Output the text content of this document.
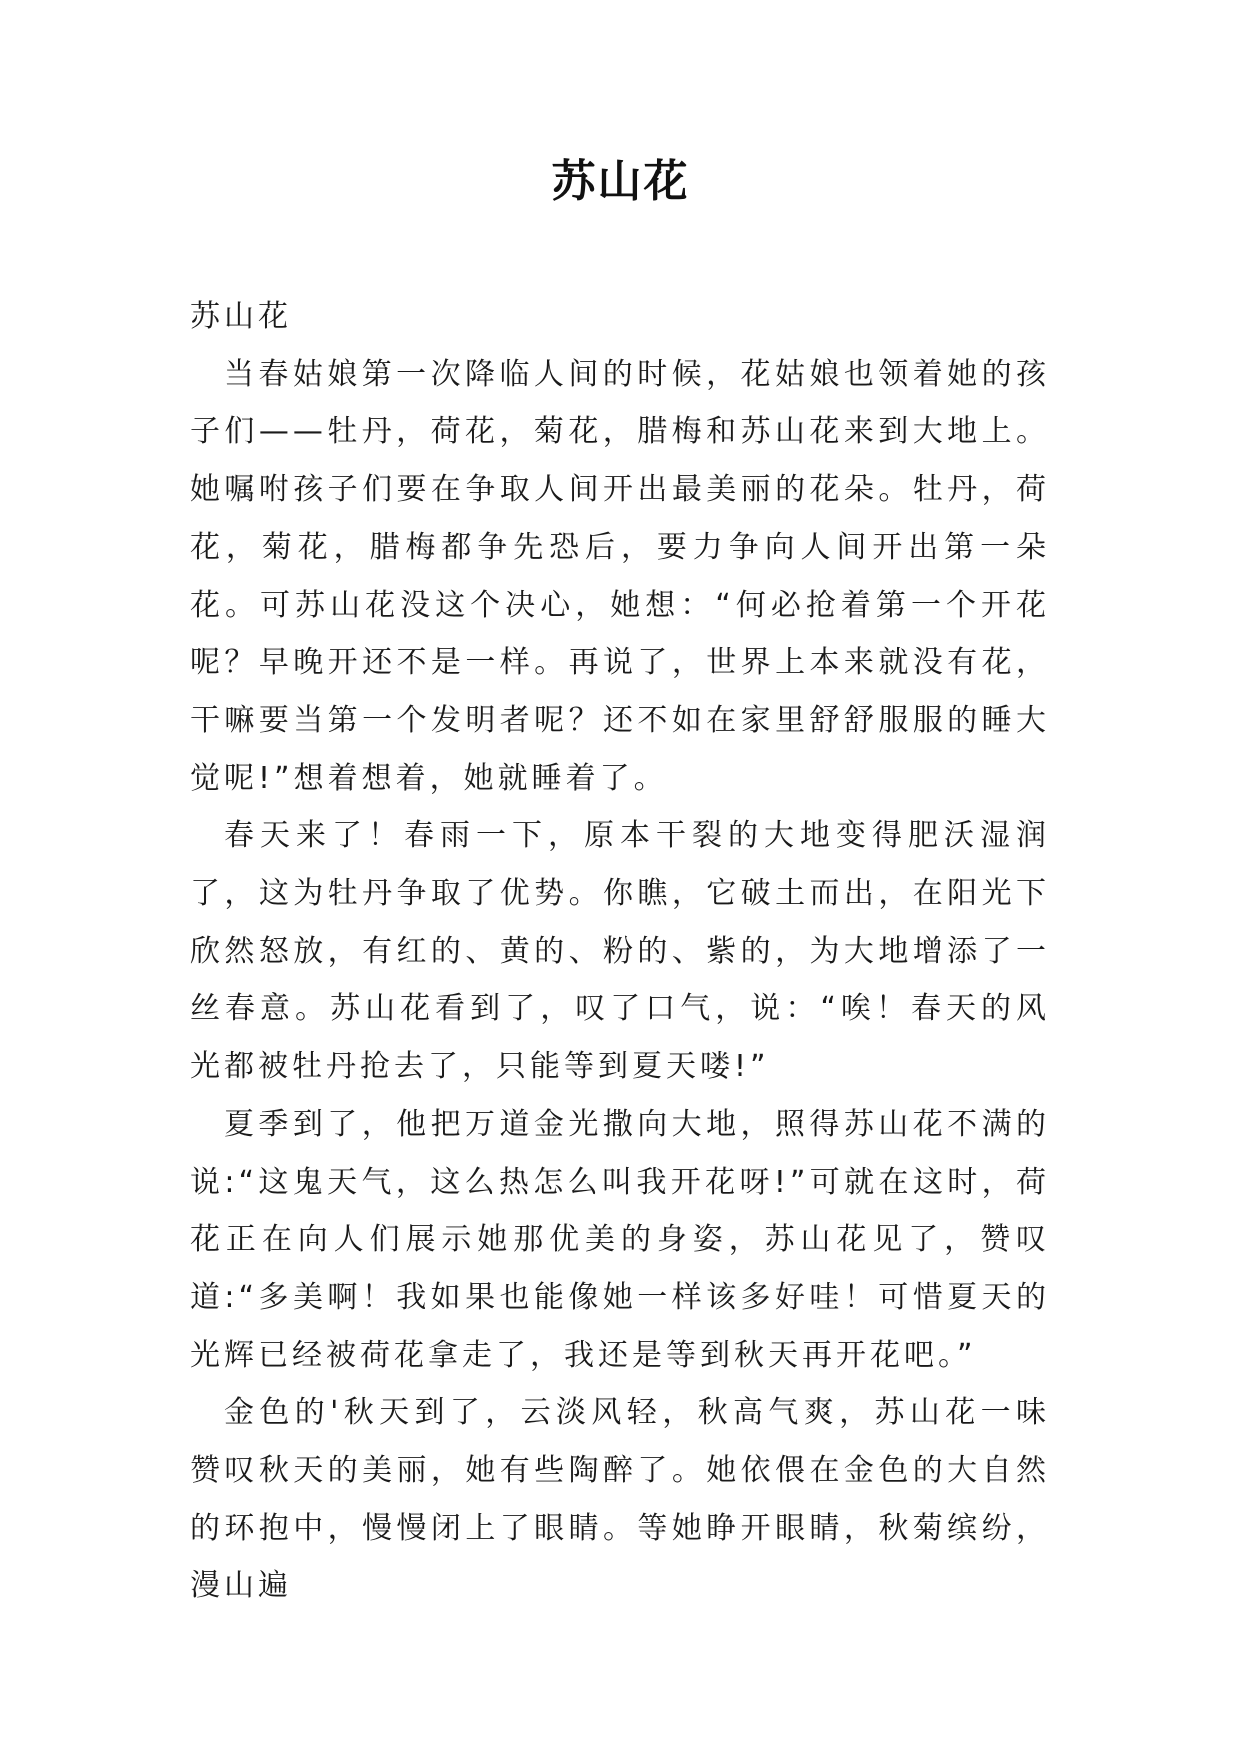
苏山花

苏山花

当春姑娘第一次降临人间的时候，花姑娘也领着她的孩子们——牡丹，荷花，菊花，腊梅和苏山花来到大地上。她嘱咐孩子们要在争取人间开出最美丽的花朵。牡丹，荷花，菊花，腊梅都争先恐后，要力争向人间开出第一朵花。可苏山花没这个决心，她想：“何必抢着第一个开花呢？早晚开还不是一样。再说了，世界上本来就没有花，干嘛要当第一个发明者呢？还不如在家里舒舒服服的睡大觉呢!”想着想着，她就睡着了。

春天来了！春雨一下，原本干裂的大地变得肥沃湿润了，这为牡丹争取了优势。你瞧，它破土而出，在阳光下欣然怒放，有红的、黄的、粉的、紫的，为大地增添了一丝春意。苏山花看到了，叹了口气，说：“唉！春天的风光都被牡丹抢去了，只能等到夏天喽!”

夏季到了，他把万道金光撒向大地，照得苏山花不满的说:“这鬼天气，这么热怎么叫我开花呀!”可就在这时，荷花正在向人们展示她那优美的身姿，苏山花见了，赞叹道:“多美啊！我如果也能像她一样该多好哇！可惜夏天的光辉已经被荷花拿走了，我还是等到秋天再开花吧。”

金色的'秋天到了，云淡风轻，秋高气爽，苏山花一味赞叹秋天的美丽，她有些陶醉了。她依偎在金色的大自然的环抱中，慢慢闭上了眼睛。等她睁开眼睛，秋菊缤纷，漫山遍
